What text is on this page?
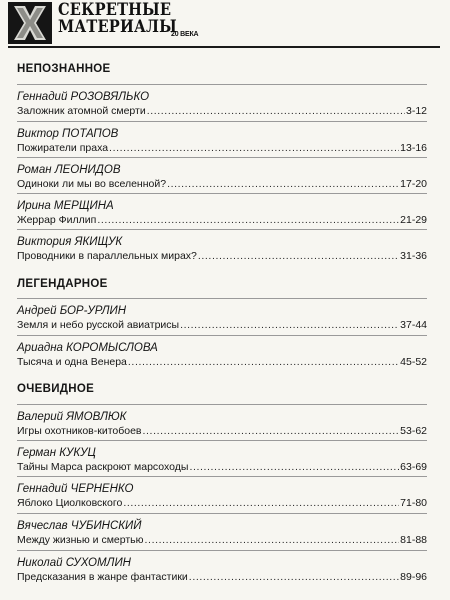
СЕКРЕТНЫЕ
МАТЕРИАЛЫ
20 ВЕКА
НЕПОЗНАННОЕ
Геннадий РОЗОВЯЛЬКО
Заложник атомной смерти .....	3-12
Виктор ПОТАПОВ
Пожиратели праха .....	13-16
Роман ЛЕОНИДОВ
Одиноки ли мы во вселенной? .....	17-20
Ирина МЕРЩИНА
Жеррар Филлип .....	21-29
Виктория ЯКИЩУК
Проводники в параллельных мирах? .....	31-36
ЛЕГЕНДАРНОЕ
Андрей БОР-УРЛИН
Земля и небо русской авиатрисы .....	37-44
Ариадна КОРОМЫСЛОВА
Тысяча и одна Венера .....	45-52
ОЧЕВИДНОЕ
Валерий ЯМОВЛЮК
Игры охотников-китобоев .....	53-62
Герман КУКУЦ
Тайны Марса раскроют марсоходы .....	63-69
Геннадий ЧЕРНЕНКО
Яблоко Циолковского .....	71-80
Вячеслав ЧУБИНСКИЙ
Между жизнью и смертью .....	81-88
Николай СУХОМЛИН
Предсказания в жанре фантастики .....	89-96
